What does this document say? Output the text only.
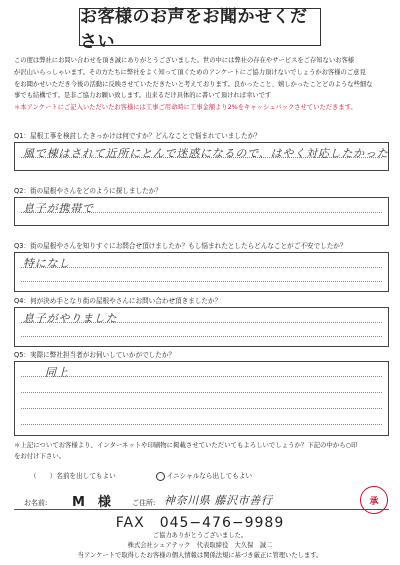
お客様のお声をお聞かせください

この度は弊社にお問い合わせを頂き誠にありがとうございました。世の中には弊社の存在やサービスをご存知ないお客様

が沢山いらっしゃいます。その方たちに弊社をよく知って頂くためのアンケートにご協力頂けないでしょうかお客様のご意見

をお聞かせいただき今後の活動に反映させていただきたいと考えております。良かったこと、嬉しかったことどのような些細な

事でも結構です。是非ご協力お願い致します。出来るだけ具体的に書いて頂ければ幸いです

＊本アンケートにご記入いただいたお客様には工事ご用命時に工事金額より2%をキャッシュバックさせていただきます。

Q1：屋根工事を検討したきっかけは何ですか？どんなことで悩まれていましたか？
風で棟はされて近所にとんで迷惑になるので、はやく対応したかった
Q2：街の屋根やさんをどのように探しましたか？
息子が携帯で
Q3：街の屋根やさんを知りすぐにお問合せ頂けましたか？もし悩まれたとしたらどんなことがご不安でしたか？
特になし
Q4：何が決め手となり街の屋根やさんにお問い合わせ頂きましたか？
息子がやりました
Q5：実際に弊社担当者がお伺いしていかがでしたか？
同上

＊上記についてお客様より、インターネットや印刷物に掲載させていただいてもよろしいでしょうか？下記の中から○印

をお付け下さい。

（　　）名前を出してもよい	イニシャルなら出してもよい
お名前: M　様	ご住所: 神奈川県 藤沢市善行	承
FAX　045−476−9989

ご協力ありがとうございました。

株式会社シェアテック　代表取締役　大久保　誠二

当アンケートで取得したお客様の個人情報は関係法規に基づき厳正に管理いたします。
